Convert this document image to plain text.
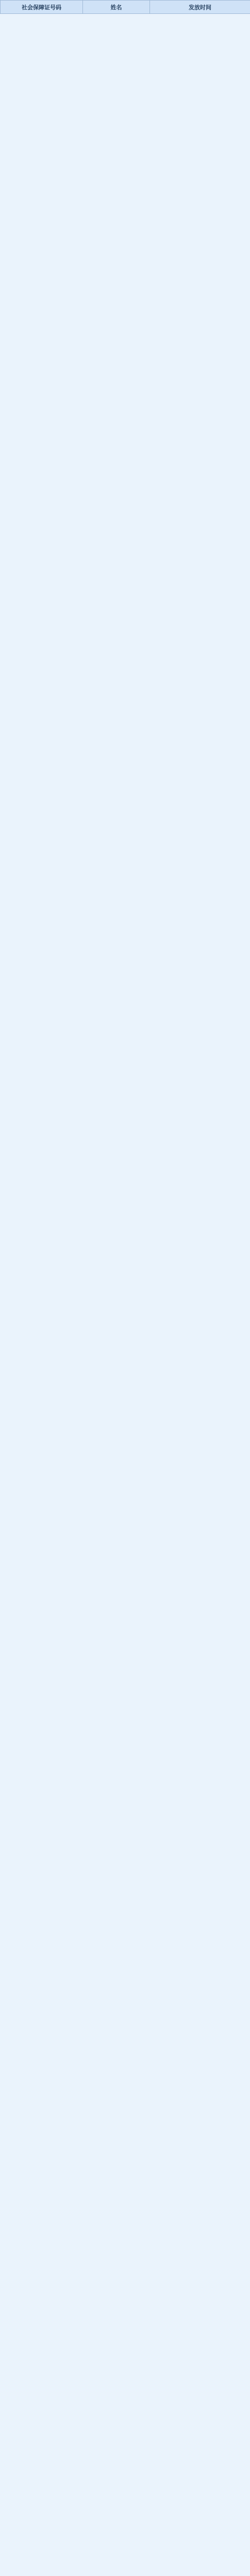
社会保障证号码	姓名	发放时间
